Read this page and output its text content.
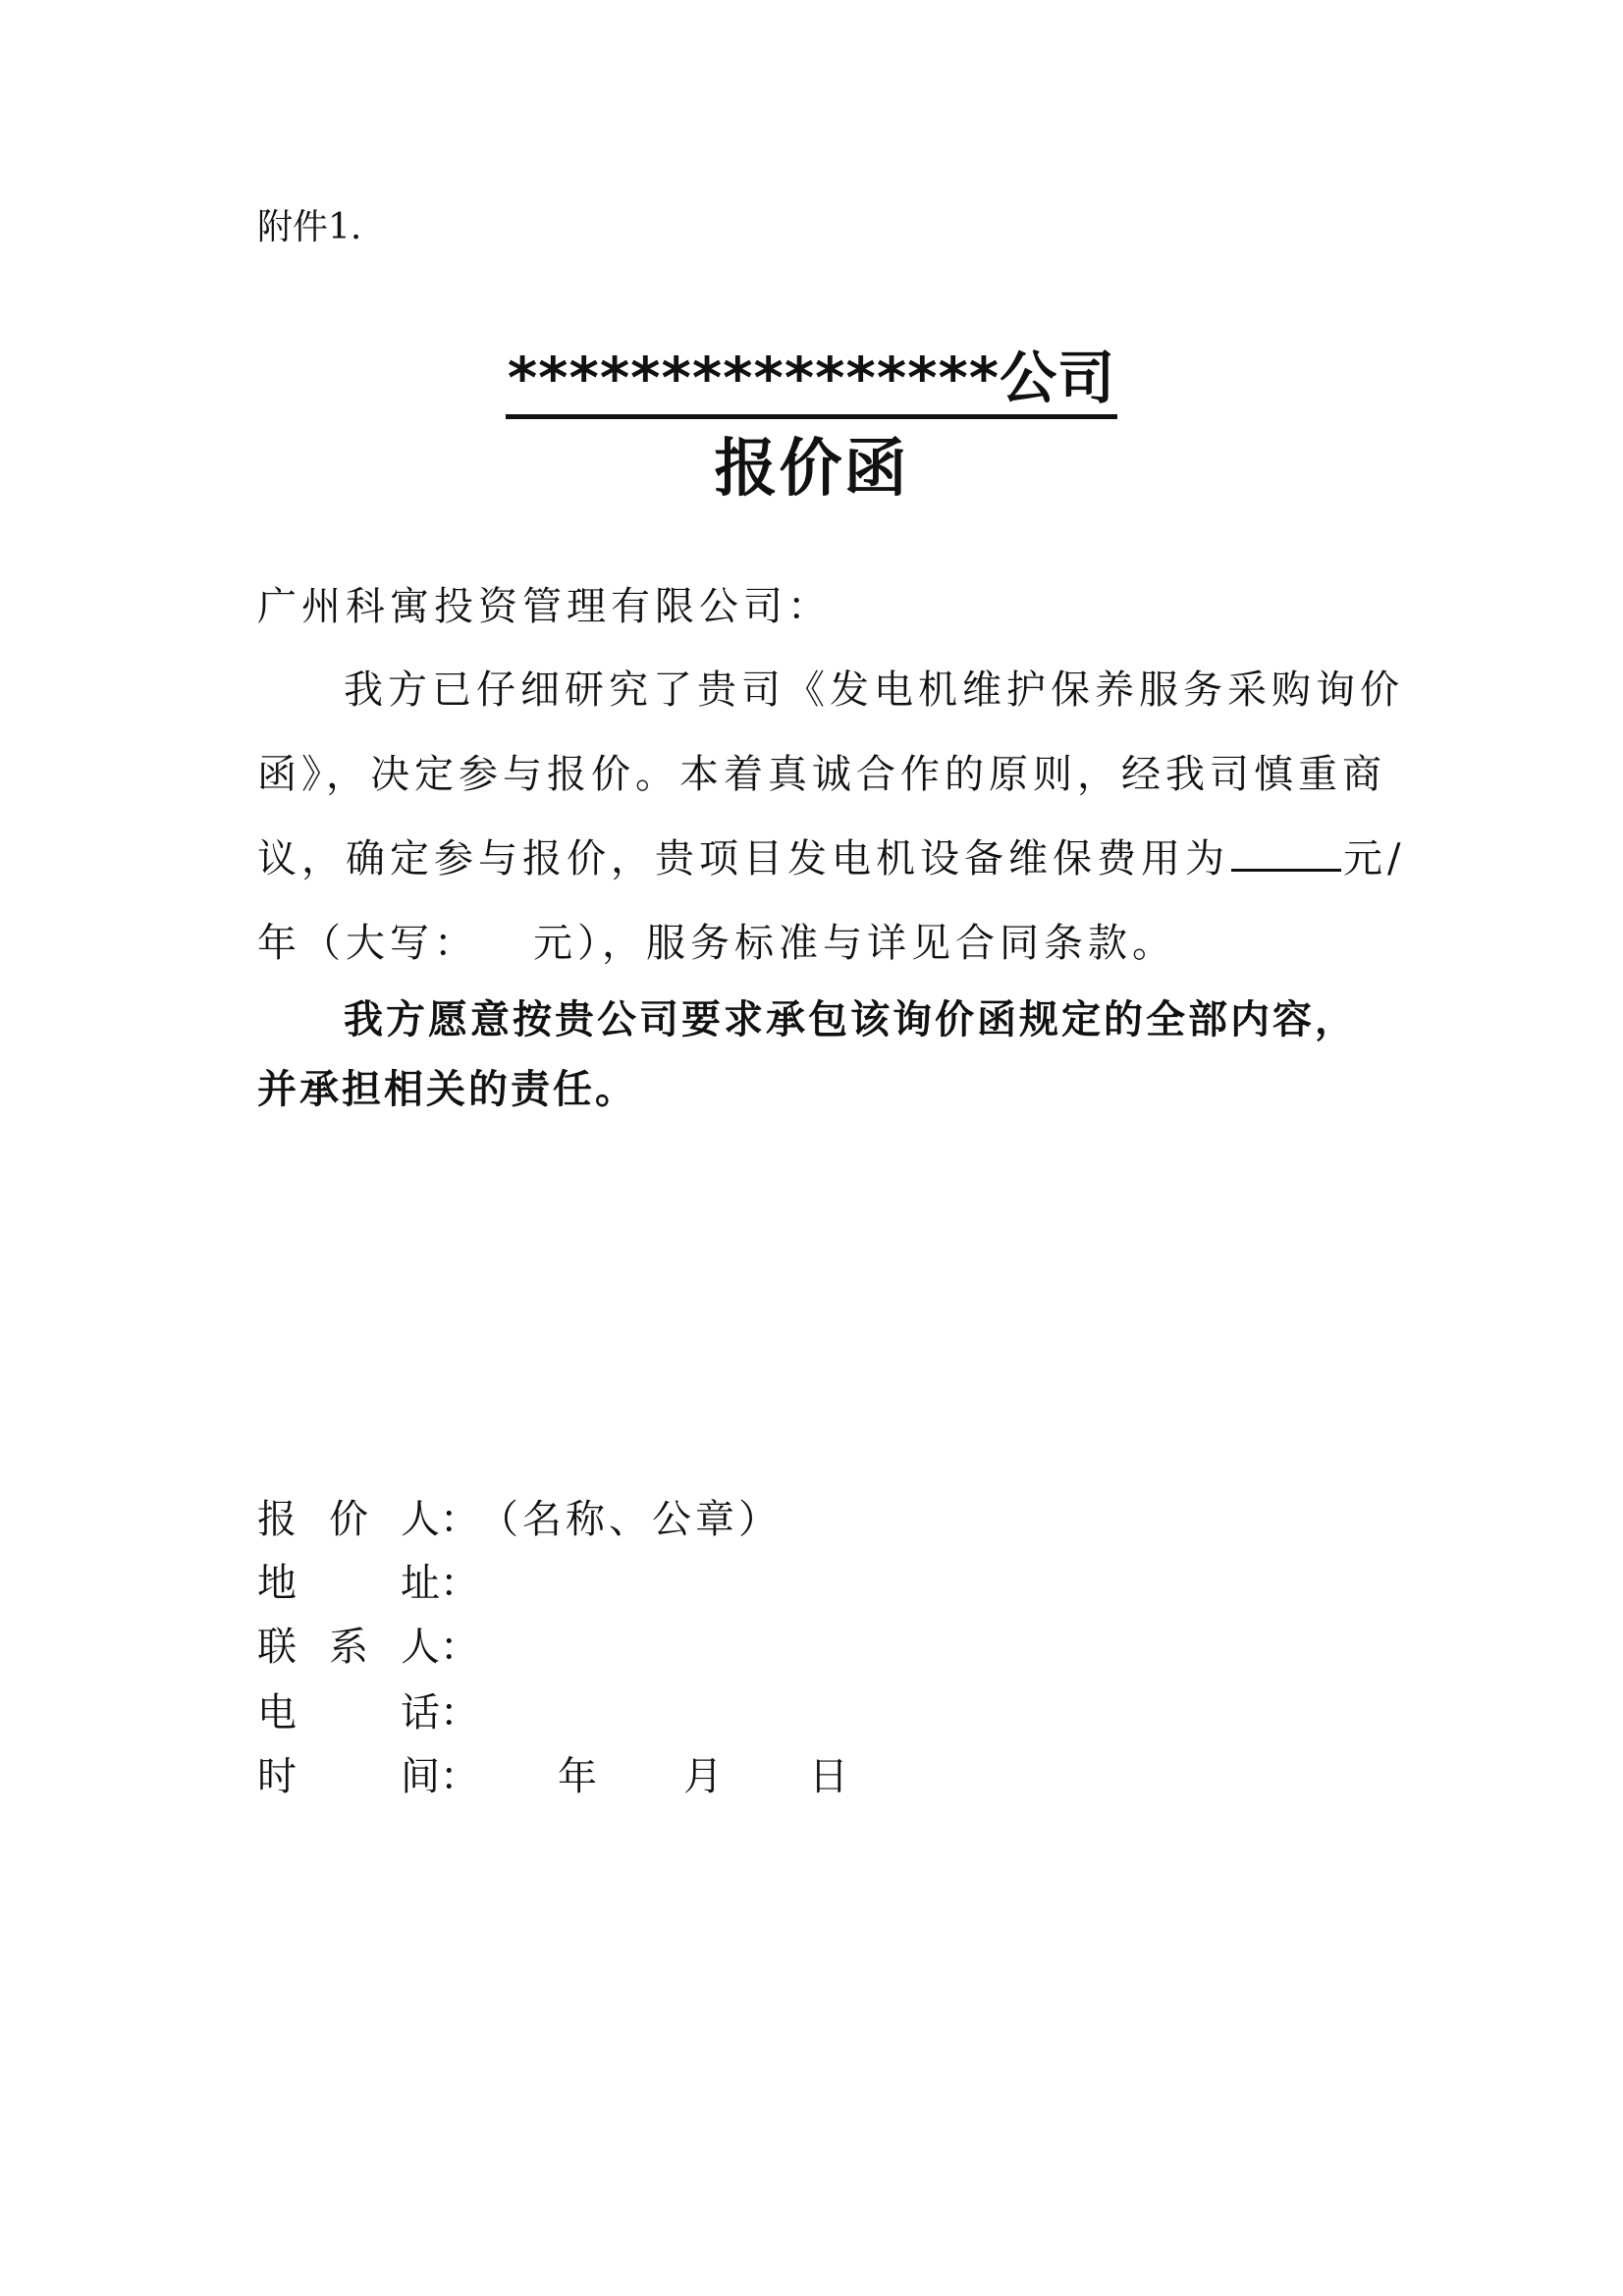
附件1.
****************公司
报价函
广州科寓投资管理有限公司：
我方已仔细研究了贵司《发电机维护保养服务采购询价
函》，决定参与报价。本着真诚合作的原则，经我司慎重商
议，确定参与报价，贵项目发电机设备维保费用为	元/
年（大写： 元），服务标准与详见合同条款。
我方愿意按贵公司要求承包该询价函规定的全部内容，
并承担相关的责任。
报 价 人 ： （名称、公章）
地	址 ：
联 系 人 ：
电	话 ：
时	间 ： 年 月 日
